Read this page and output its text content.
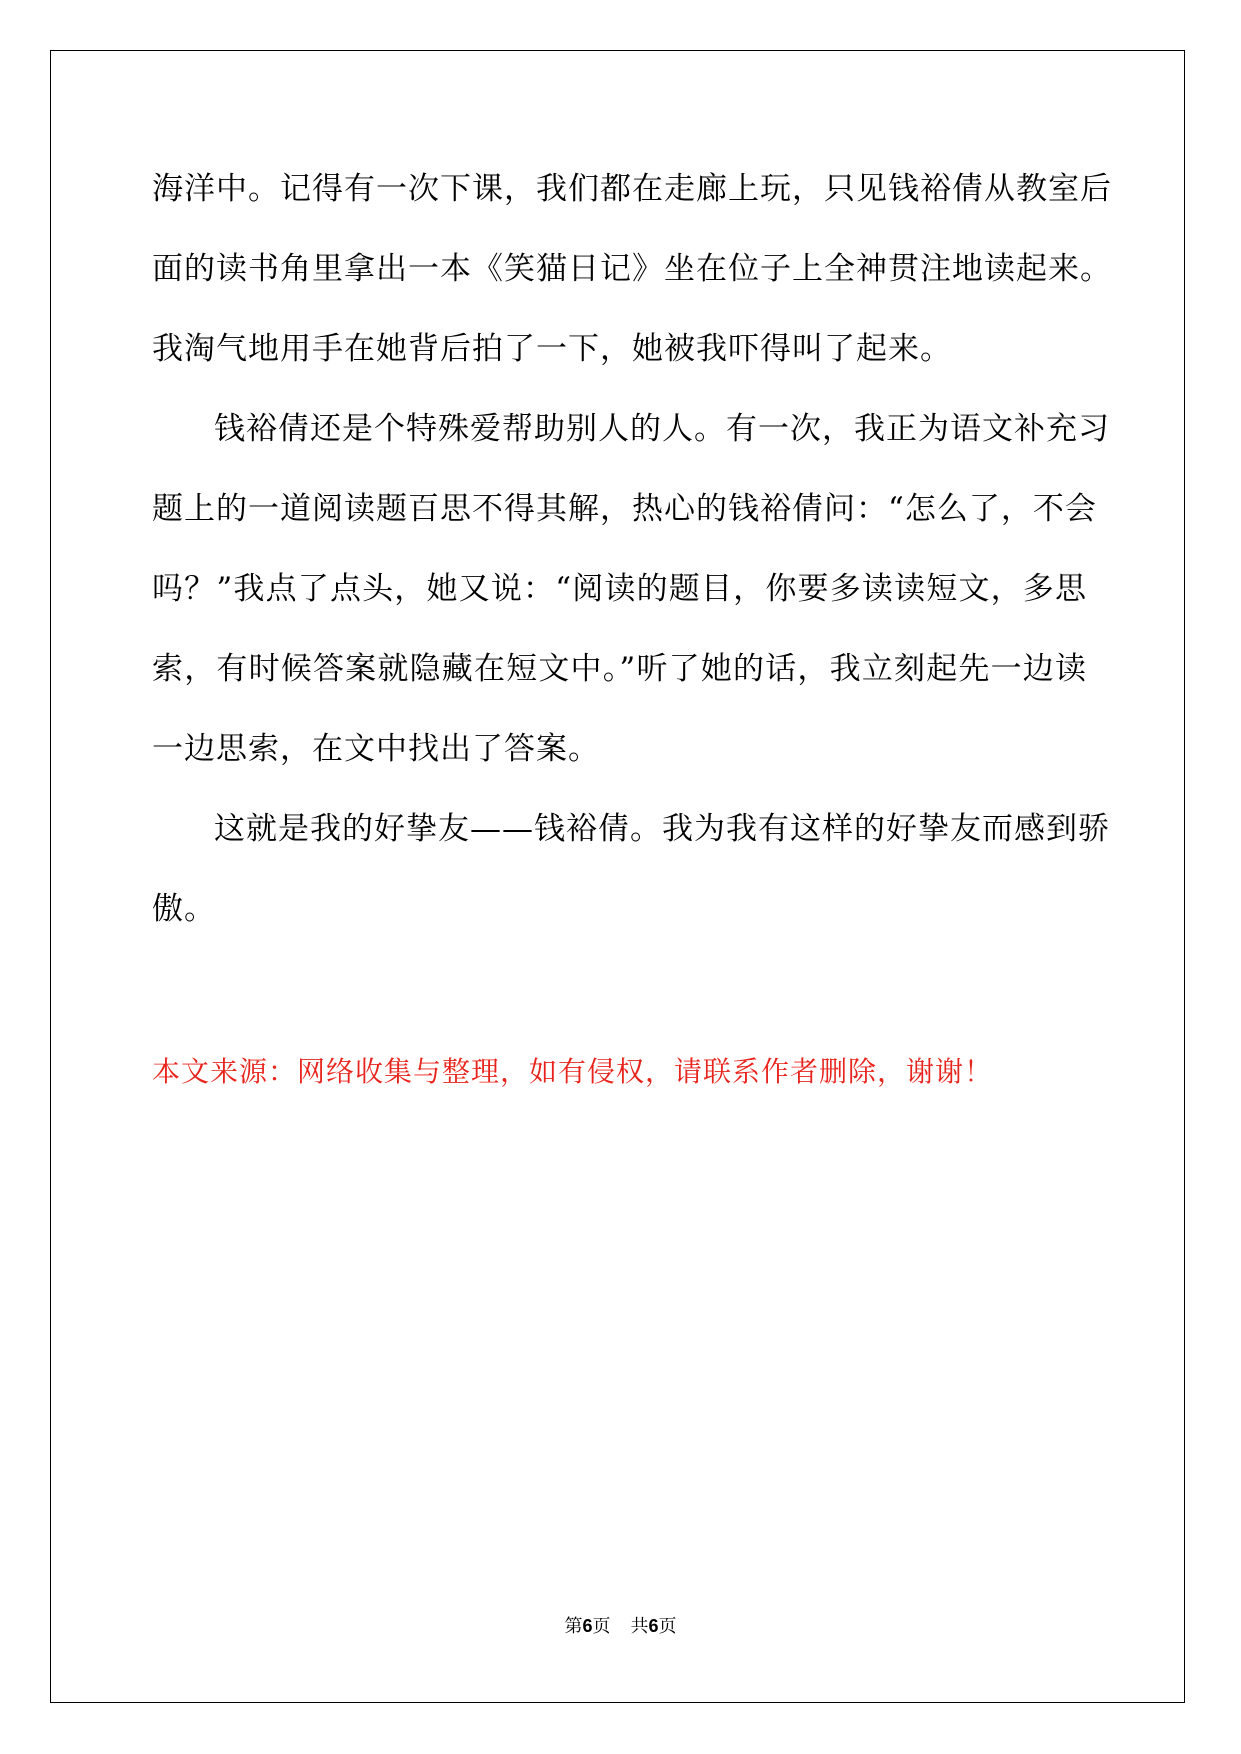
海洋中。记得有一次下课，我们都在走廊上玩，只见钱裕倩从教室后
面的读书角里拿出一本《笑猫日记》坐在位子上全神贯注地读起来。
我淘气地用手在她背后拍了一下，她被我吓得叫了起来。
钱裕倩还是个特殊爱帮助别人的人。有一次，我正为语文补充习
题上的一道阅读题百思不得其解，热心的钱裕倩问：“怎么了，不会
吗？”我点了点头，她又说：“阅读的题目，你要多读读短文，多思
索，有时候答案就隐藏在短文中。”听了她的话，我立刻起先一边读
一边思索，在文中找出了答案。
这就是我的好挚友——钱裕倩。我为我有这样的好挚友而感到骄
傲。
本文来源：网络收集与整理，如有侵权，请联系作者删除，谢谢！
第6页 共6页
